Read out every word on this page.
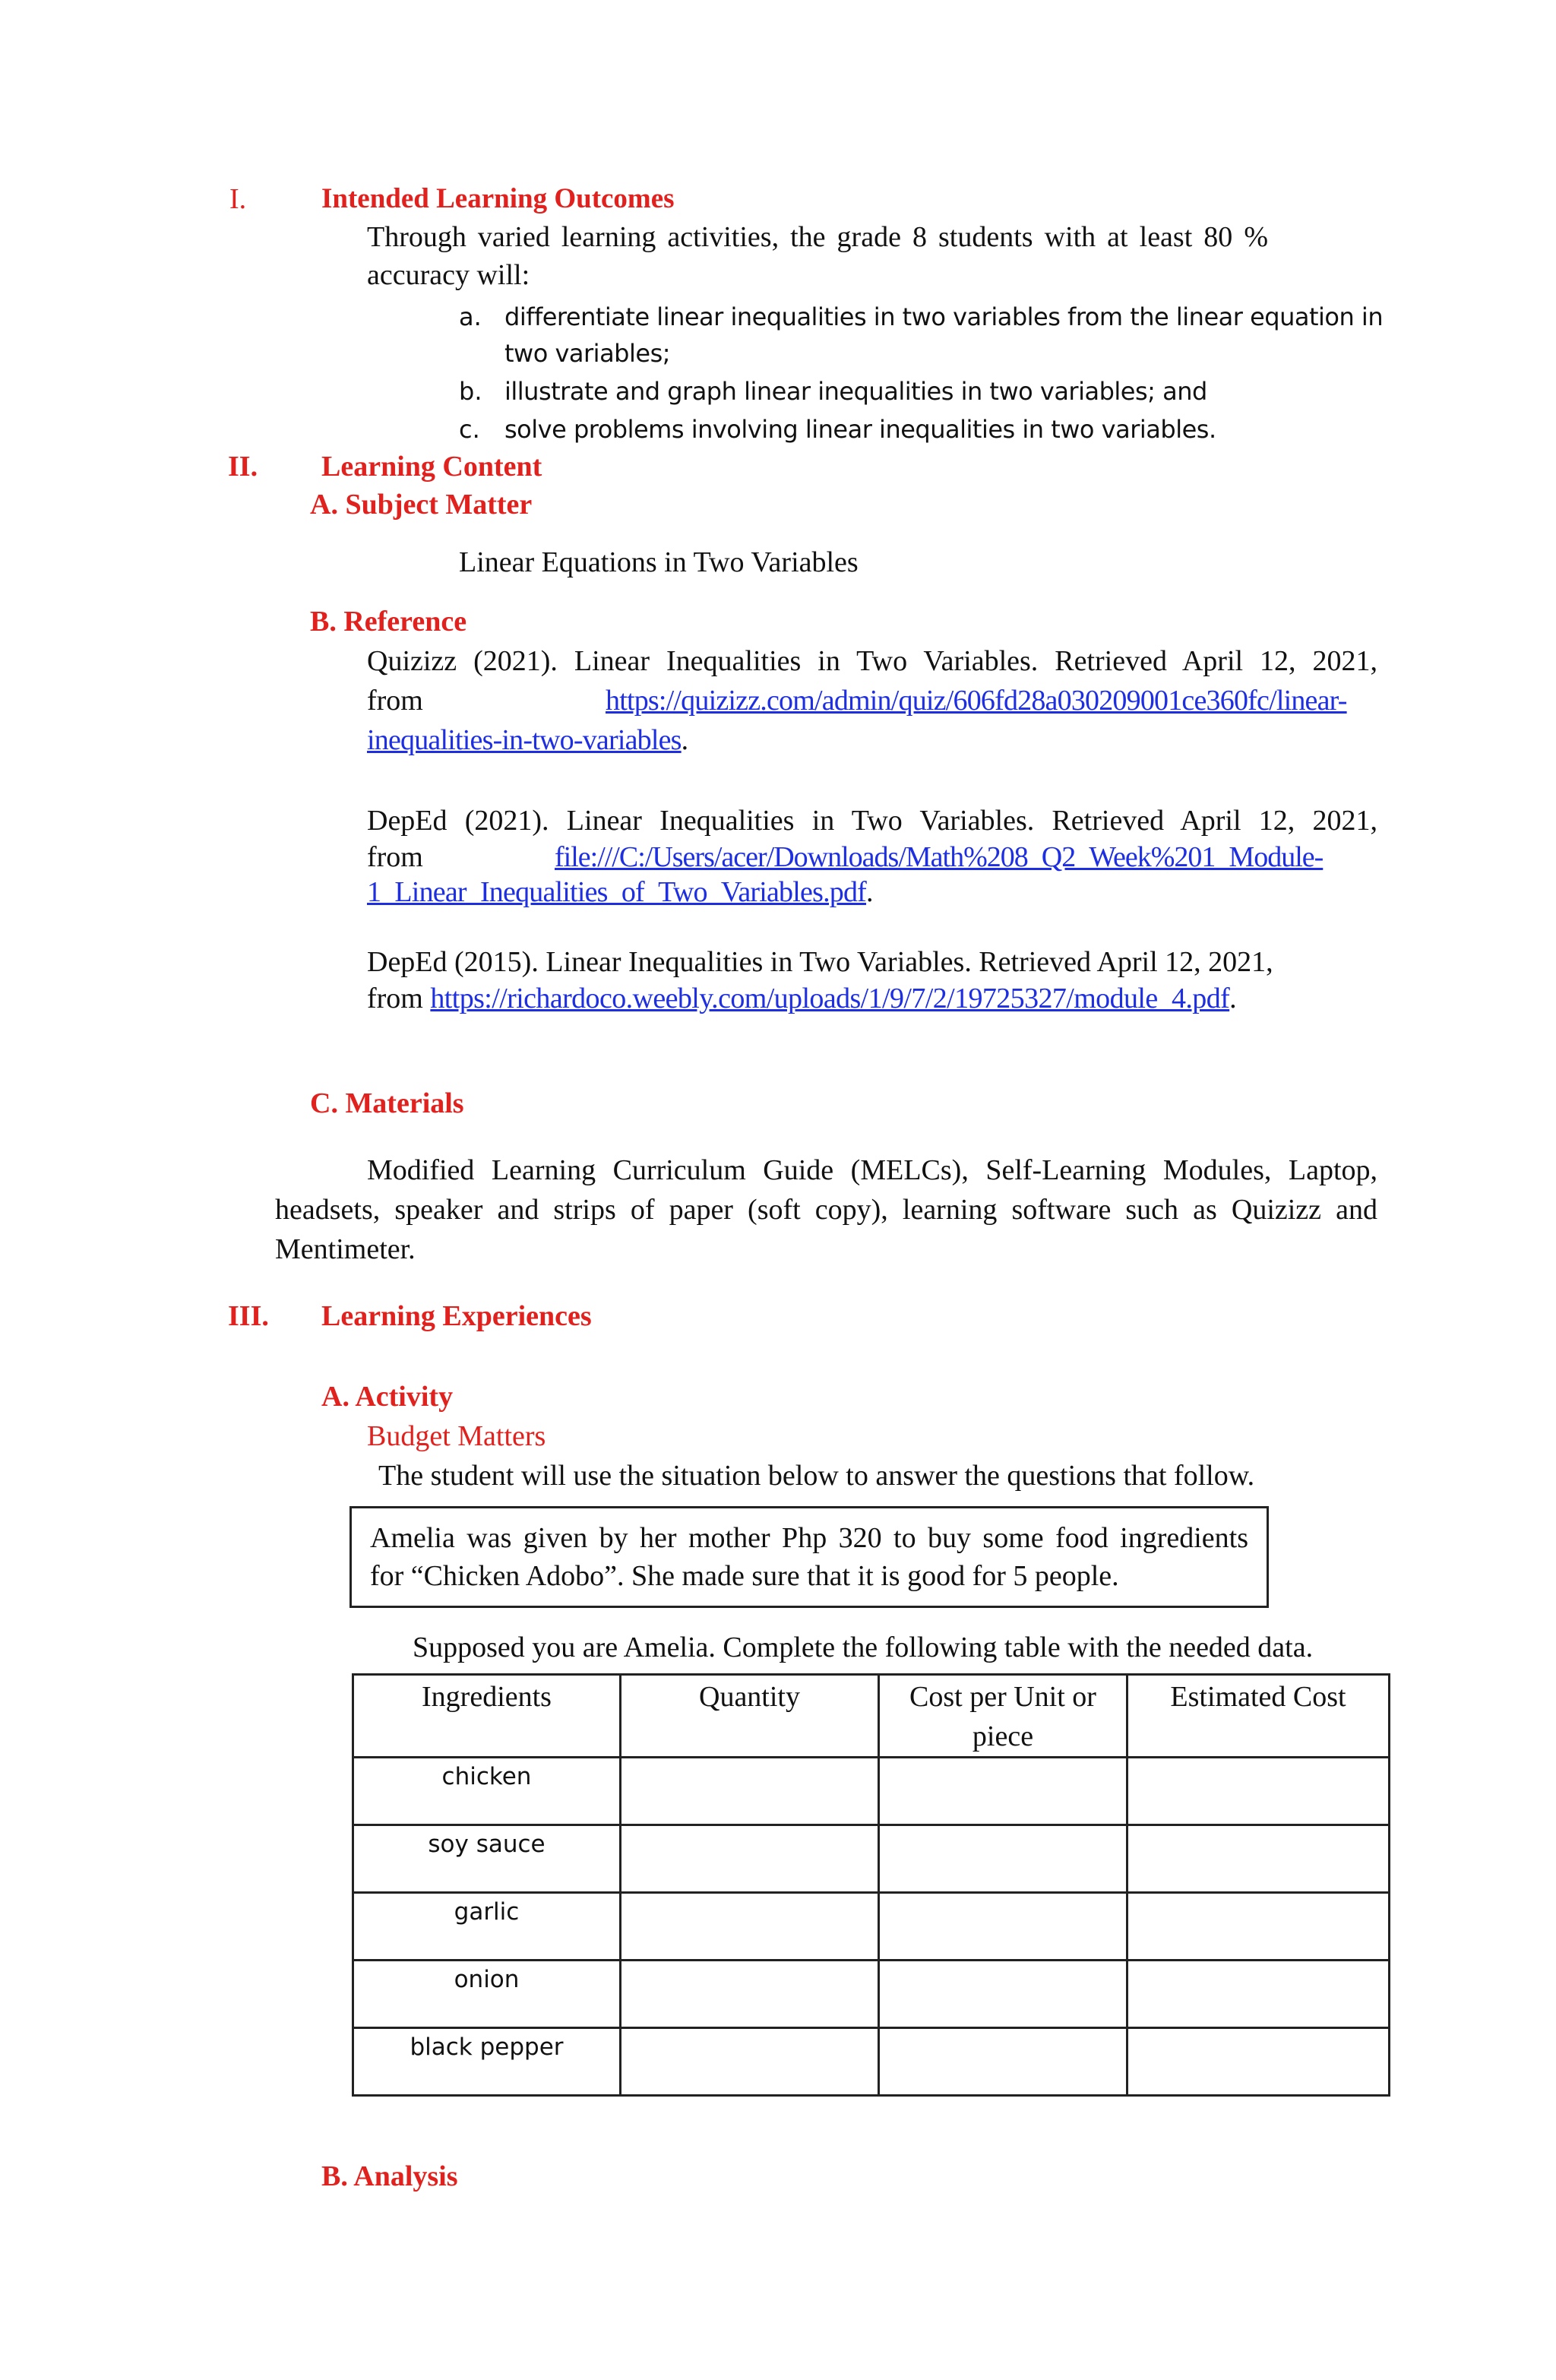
I.	Intended Learning Outcomes
Through varied learning activities, the grade 8 students with at least 80 %
accuracy will:
a. differentiate linear inequalities in two variables from the linear equation in
two variables;
b. illustrate and graph linear inequalities in two variables; and
c. solve problems involving linear inequalities in two variables.
II. Learning Content
A. Subject Matter
Linear Equations in Two Variables
B. Reference
Quizizz (2021). Linear Inequalities in Two Variables. Retrieved April 12, 2021,
from	https://quizizz.com/admin/quiz/606fd28a030209001ce360fc/linear-
inequalities-in-two-variables.
DepEd (2021). Linear Inequalities in Two Variables. Retrieved April 12, 2021,
from	file:///C:/Users/acer/Downloads/Math%208_Q2_Week%201_Module-
1_Linear_Inequalities_of_Two_Variables.pdf.
DepEd (2015). Linear Inequalities in Two Variables. Retrieved April 12, 2021,
from https://richardoco.weebly.com/uploads/1/9/7/2/19725327/module_4.pdf.
C. Materials
Modified Learning Curriculum Guide (MELCs), Self-Learning Modules, Laptop,
headsets, speaker and strips of paper (soft copy), learning software such as Quizizz and
Mentimeter.
III. Learning Experiences
A. Activity
Budget Matters
The student will use the situation below to answer the questions that follow.
Amelia was given by her mother Php 320 to buy some food ingredients
for “Chicken Adobo”. She made sure that it is good for 5 people.
Supposed you are Amelia. Complete the following table with the needed data.
Ingredients	Quantity	Cost per Unit or piece	Estimated Cost
chicken			
soy sauce			
garlic			
onion			
black pepper			
B. Analysis
